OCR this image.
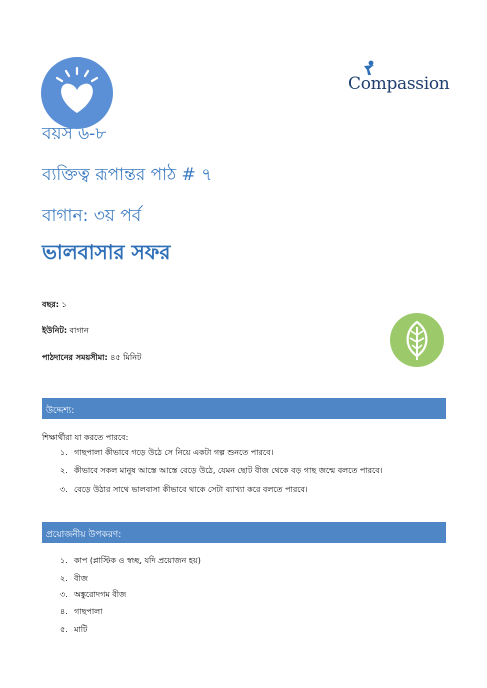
Compassion
বয়স ৬-৮
ব্যক্তিত্ব রূপান্তর পাঠ # ৭
বাগান: ৩য় পর্ব
ভালবাসার সফর
বছর: ১
ইউনিট: বাগান
পাঠদানের সময়সীমা: ৪৫ মিনিট
উদ্দেশ্য:
শিক্ষার্থীরা যা করতে পারবে:
১. গাছপালা কীভাবে গড়ে উঠে সে নিয়ে একটা গল্প শুনতে পারবে।
২. কীভাবে সকল মানুষ আস্তে আস্তে বেড়ে উঠে, যেমন ছোট বীজ থেকে বড় গাছ জন্মে বলতে পারবে।
৩. বেড়ে উঠার সাথে ভালবাসা কীভাবে থাকে সেটা ব্যাখ্যা করে বলতে পারবে।
প্রয়োজনীয় উপকরণ:
১. কাপ (প্লাস্টিক ও স্বচ্ছ, যদি প্রয়োজন হয়)
২. বীজ
৩. অঙ্কুরোদগম বীজ
৪. গাছপালা
৫. মাটি
